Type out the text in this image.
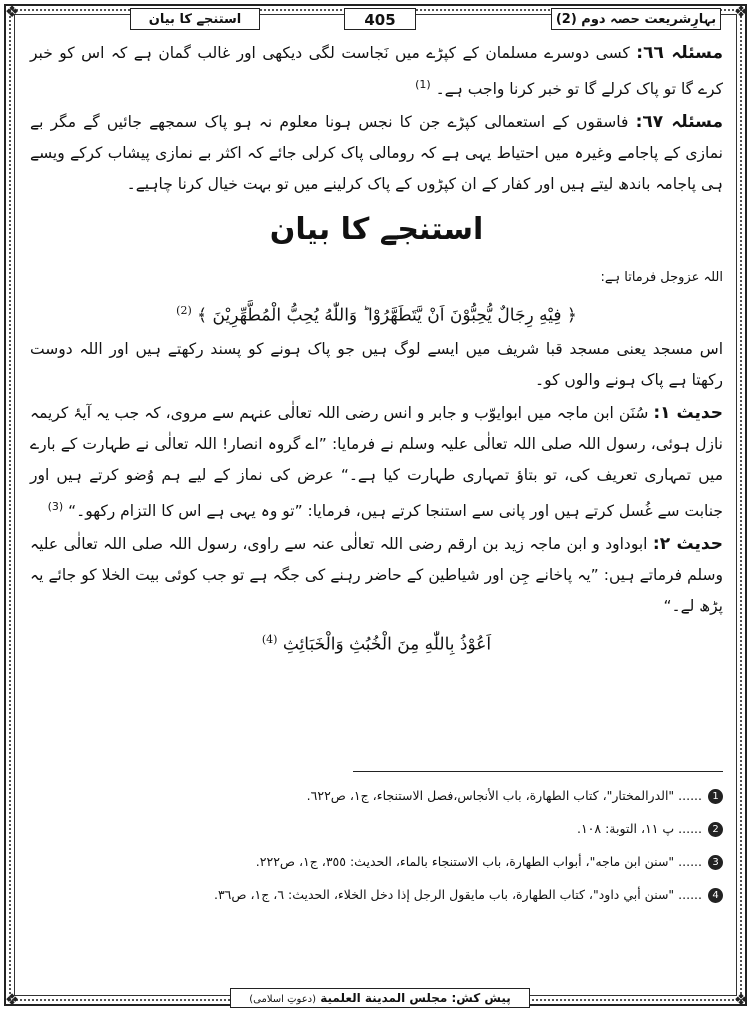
❖	❖
❖	❖
بہارِشریعت حصہ دوم (2)
405
استنجے کا بیان

مسئلہ ٦٦: کسی دوسرے مسلمان کے کپڑے میں نَجاست لگی دیکھی اور غالب گمان ہے کہ اس کو خبر کرے گا تو پاک کرلے گا تو خبر کرنا واجب ہے۔ $^{(1)}$

مسئلہ ٦٧: فاسقوں کے استعمالی کپڑے جن کا نجس ہونا معلوم نہ ہو پاک سمجھے جائیں گے مگر بے نمازی کے پاجامے وغیرہ میں احتیاط یہی ہے کہ رومالی پاک کرلی جائے کہ اکثر بے نمازی پیشاب کرکے ویسے ہی پاجامہ باندھ لیتے ہیں اور کفار کے ان کپڑوں کے پاک کرلینے میں تو بہت خیال کرنا چاہیے۔

استنجے کا بیان

اللہ عزوجل فرماتا ہے:

﴿ فِيْهِ رِجَالٌ يُّحِبُّوْنَ اَنْ يَّتَطَهَّرُوْا ؕ وَاللّٰهُ يُحِبُّ الْمُطَّهِّرِيْنَ ﴾ $^{(2)}$

اس مسجد یعنی مسجد قبا شریف میں ایسے لوگ ہیں جو پاک ہونے کو پسند رکھتے ہیں اور اللہ دوست رکھتا ہے پاک ہونے والوں کو۔

حدیث ١: سُنَن ابن ماجہ میں ابوایوّب و جابر و انس رضی اللہ تعالٰی عنہم سے مروی، کہ جب یہ آیۂ کریمہ نازل ہوئی، رسول اللہ صلی اللہ تعالٰی علیہ وسلم نے فرمایا: ”اے گروہ انصار! اللہ تعالٰی نے طہارت کے بارے میں تمہاری تعریف کی، تو بتاؤ تمہاری طہارت کیا ہے۔“ عرض کی نماز کے لیے ہم وُضو کرتے ہیں اور جنابت سے غُسل کرتے ہیں اور پانی سے استنجا کرتے ہیں، فرمایا: ”تو وہ یہی ہے اس کا التزام رکھو۔“ $^{(3)}$

حدیث ٢: ابوداود و ابن ماجہ زید بن ارقم رضی اللہ تعالٰی عنہ سے راوی، رسول اللہ صلی اللہ تعالٰی علیہ وسلم فرماتے ہیں: ”یہ پاخانے جِن اور شیاطین کے حاضر رہنے کی جگہ ہے تو جب کوئی بیت الخلا کو جائے یہ پڑھ لے۔“

اَعُوْذُ بِاللّٰهِ مِنَ الْخُبُثِ وَالْخَبَائِثِ $^{(4)}$

1
...... "الدرالمختار"، كتاب الطهارة، باب الأنجاس،فصل الاستنجاء، ج١، ص٦٢٢.
2
...... پ ١١، التوبة: ١٠٨.
3
...... "سنن ابن ماجه"، أبواب الطهارة، باب الاستنجاء بالماء، الحديث: ٣٥٥، ج١، ص٢٢٢.
4
...... "سنن أبي داود"، كتاب الطهارة، باب مايقول الرجل إذا دخل الخلاء، الحديث: ٦، ج١، ص٣٦.
پیش کش: مجلس المدينة العلمية (دعوتِ اسلامی)
